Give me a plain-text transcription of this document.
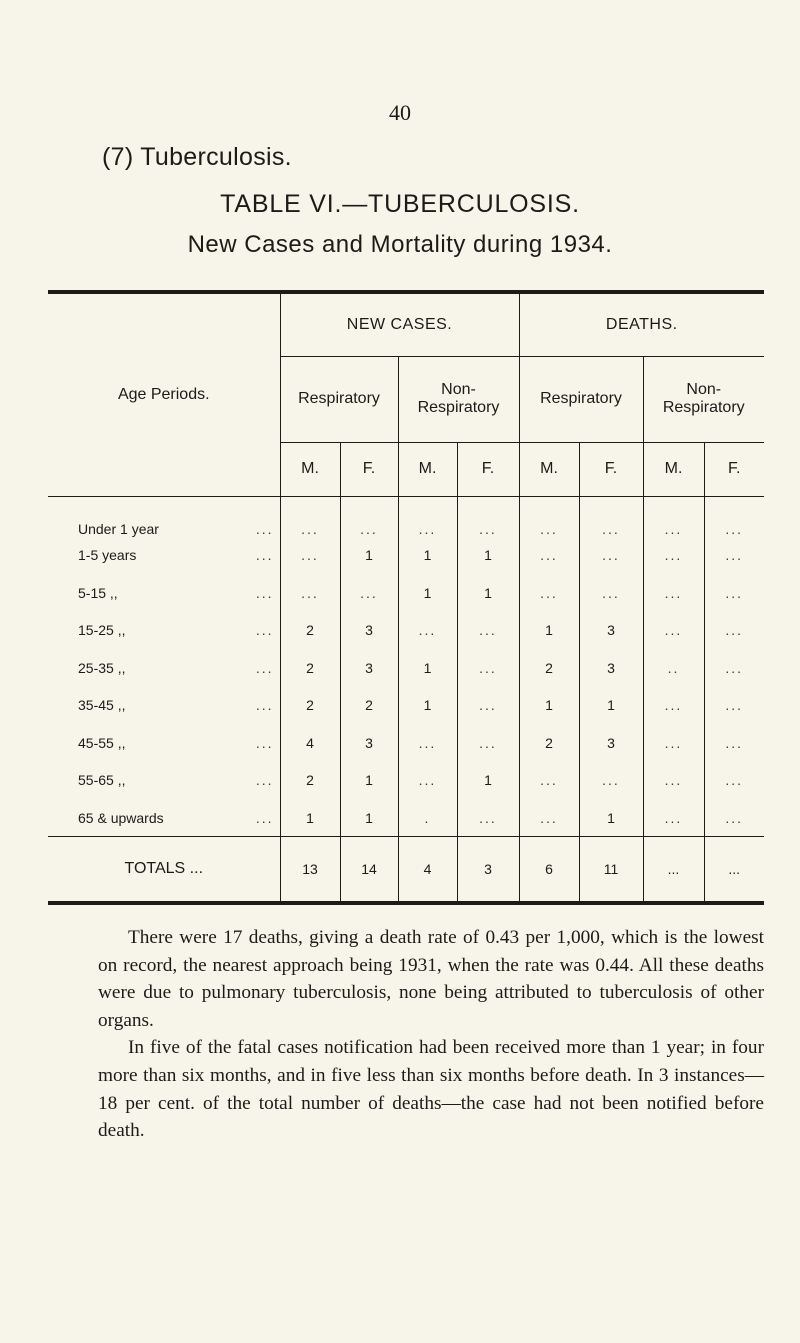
40
(7) Tuberculosis.
TABLE VI.—TUBERCULOSIS.
New Cases and Mortality during 1934.
Age Periods.	NEW CASES.				DEATHS.			
	Respiratory		Non-
Respiratory		Respiratory		Non-
Respiratory	
	M.	F.	M.	F.	M.	F.	M.	F.
Under 1 year ...	...	...	...	...	...	...	...	...
1-5 years ...	...	1	1	1	...	...	...	...
5-15 ,, ...	...	...	1	1	...	...	...	...
15-25 ,, ...	2	3	...	...	1	3	...	...
25-35 ,, ...	2	3	1	...	2	3	..	...
35-45 ,, ...	2	2	1	...	1	1	...	...
45-55 ,, ...	4	3	...	...	2	3	...	...
55-65 ,, ...	2	1	...	1	...	...	...	...
65 & upwards ...	1	1	.	...	...	1	...	...
TOTALS ...	13	14	4	3	6	11	...	...

There were 17 deaths, giving a death rate of 0.43 per 1,000, which is the lowest on record, the nearest approach being 1931, when the rate was 0.44. All these deaths were due to pulmonary tuberculosis, none being attributed to tuberculosis of other organs.

In five of the fatal cases notification had been received more than 1 year; in four more than six months, and in five less than six months before death. In 3 instances—18 per cent. of the total number of deaths—the case had not been notified before death.
